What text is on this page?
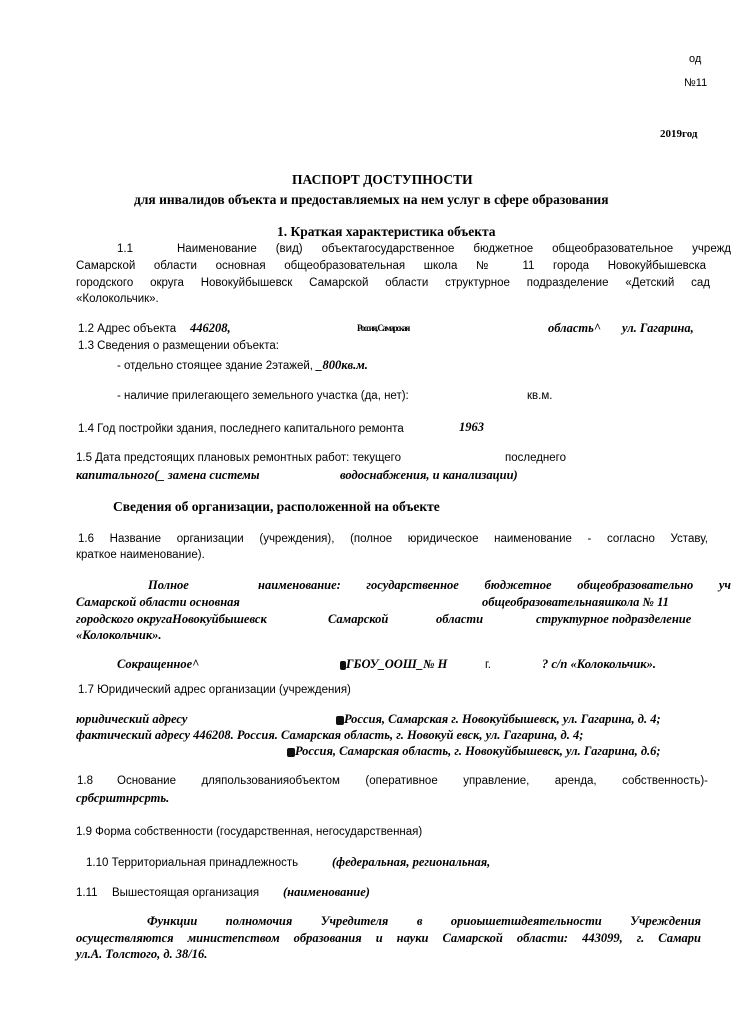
од
№11
2019год
ПАСПОРТ ДОСТУПНОСТИ
для инвалидов объекта и предоставляемых на нем услуг в сфере образования
1. Краткая характеристика объекта
1.1	Наименование (вид) объектагосударственное бюджетное общеобразовательное учрежд
Самарской области основная общеобразовательная школа № 11 города Новокуйбышевска
городского округа Новокуйбышевск Самарской области структурное подразделение «Детский сад
«Колокольчик».
1.2 Адрес объекта 446208,	Россия, Самарская	область^ ул. Гагарина,
1.3 Сведения о размещении объекта:
- отдельно стоящее здание 2этажей, _800кв.м.
- наличие прилегающего земельного участка (да, нет):	кв.м.
1.4 Год постройки здания, последнего капитального ремонта	1963
1.5 Дата предстоящих плановых ремонтных работ: текущего	последнего
капитального(_ замена системы	водоснабжения, и канализации)
Сведения об организации, расположенной на объекте
1.6 Название организации (учреждения), (полное юридическое наименование - согласно Уставу,
краткое наименование).
Полное	наименование: государственное бюджетное общеобразовательно уч
Самарской области основная	общеобразовательнаяшкола № 11
городского округаНовокуйбышевск	Самарской	области	структурное подразделение
«Колокольчик».
Сокращенное^	ГБОУ_ООШ_№ Н	г.	? с/п «Колокольчик».
1.7 Юридический адрес организации (учреждения)
юридический адресу	Россия, Самарская г. Новокуйбышевск, ул. Гагарина, д. 4;
фактический адресу 446208. Россия. Самарская область, г. Новокуй евск, ул. Гагарина, д. 4;
Россия, Самарская область, г. Новокуйбышевск, ул. Гагарина, д.6;
1.8 Основание дляпользованияобъектом (оперативное управление, аренда, собственность)-
србсрштнрсрть.
1.9 Форма собственности (государственная, негосударственная)
1.10 Территориальная принадлежность	(федеральная, региональная,
1.11 Вышестоящая организация (наименование)
Функции полномочия Учредителя в ориоышетшдеятельности Учреждения
осуществляются министепством образования и науки Самарской области: 443099, г. Самари
ул.А. Толстого, д. 38/16.
